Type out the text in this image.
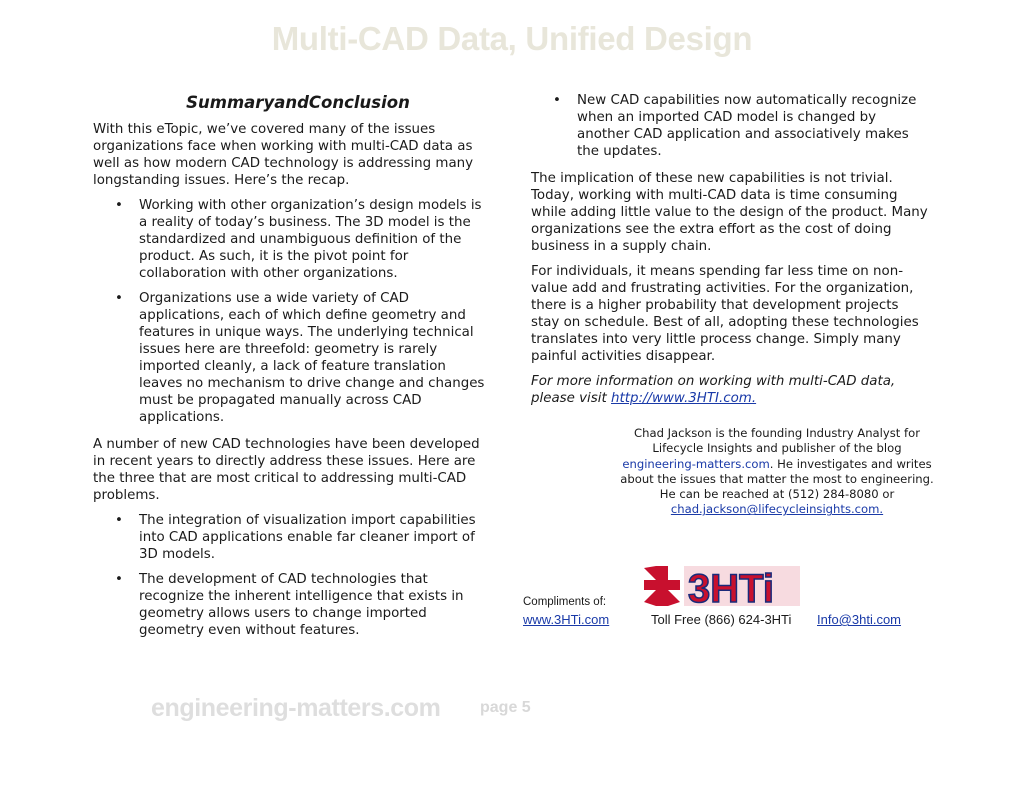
Multi-CAD Data, Unified Design
SummaryandConclusion

With this eTopic, we’ve covered many of the issues organizations face when working with multi-CAD data as well as how modern CAD technology is addressing many longstanding issues. Here’s the recap.

• Working with other organization’s design models is a reality of today’s business. The 3D model is the standardized and unambiguous definition of the product. As such, it is the pivot point for collaboration with other organizations.
• Organizations use a wide variety of CAD applications, each of which define geometry and features in unique ways. The underlying technical issues here are threefold: geometry is rarely imported cleanly, a lack of feature translation leaves no mechanism to drive change and changes must be propagated manually across CAD applications.

A number of new CAD technologies have been developed in recent years to directly address these issues. Here are the three that are most critical to addressing multi-CAD problems.

• The integration of visualization import capabilities into CAD applications enable far cleaner import of 3D models.
• The development of CAD technologies that recognize the inherent intelligence that exists in geometry allows users to change imported geometry even without features.
• New CAD capabilities now automatically recognize when an imported CAD model is changed by another CAD application and associatively makes the updates.

The implication of these new capabilities is not trivial. Today, working with multi-CAD data is time consuming while adding little value to the design of the product. Many organizations see the extra effort as the cost of doing business in a supply chain.

For individuals, it means spending far less time on non-value add and frustrating activities. For the organization, there is a higher probability that development projects stay on schedule. Best of all, adopting these technologies translates into very little process change. Simply many painful activities disappear.

For more information on working with multi-CAD data, please visit http://www.3HTI.com.

Chad Jackson is the founding Industry Analyst for Lifecycle Insights and publisher of the blog engineering-matters.com. He investigates and writes about the issues that matter the most to engineering. He can be reached at (512) 284-8080 or
chad.jackson@lifecycleinsights.com.
3HTi
Compliments of:
www.3HTi.com	Toll Free (866) 624-3HTi Info@3hti.com
engineering-matters.com page 5
